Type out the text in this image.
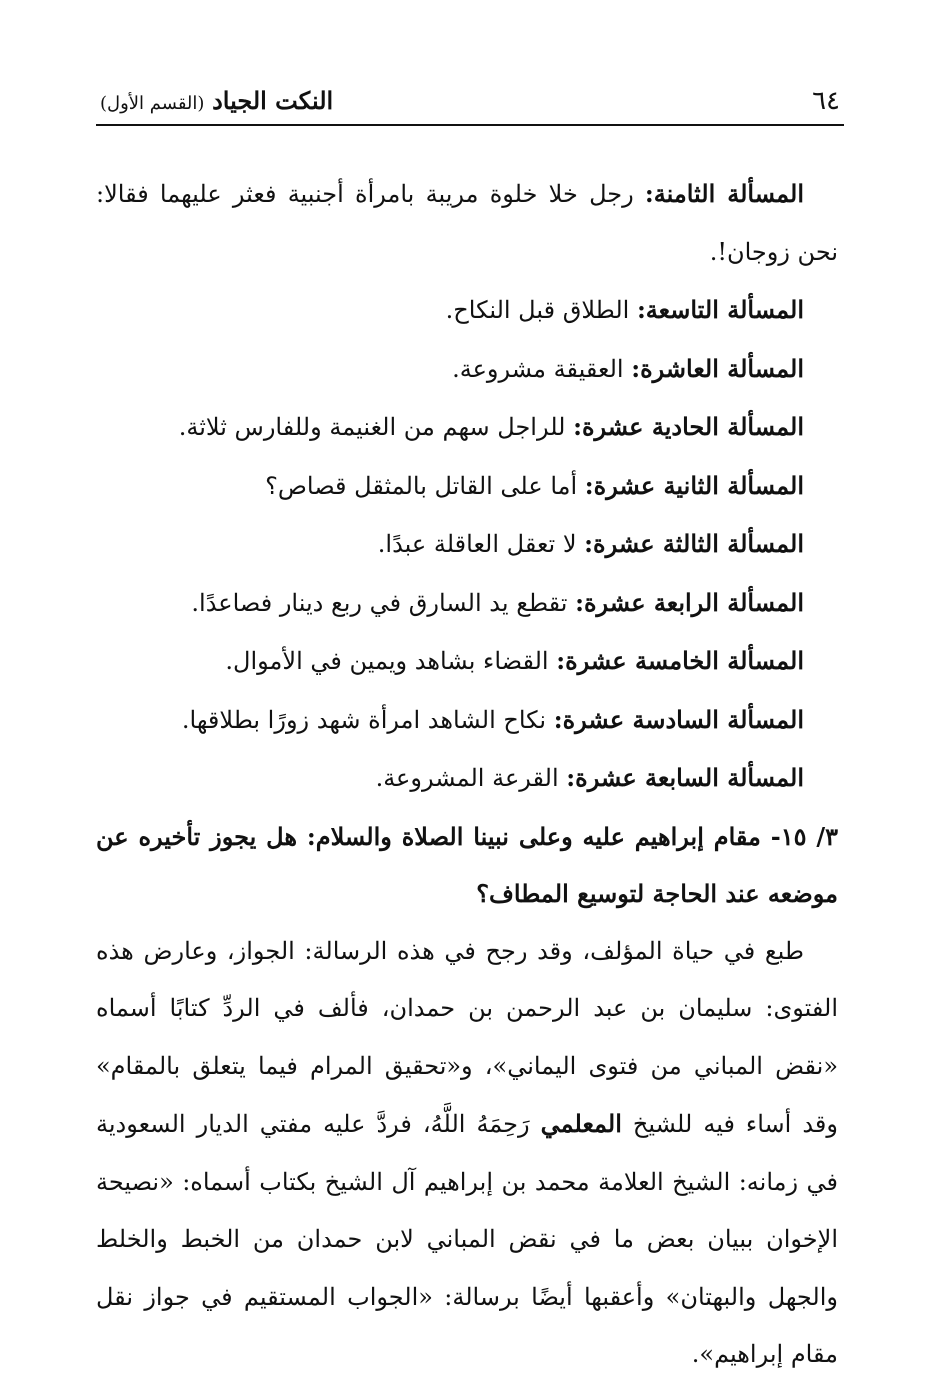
٦٤
النكت الجياد (القسم الأول)

المسألة الثامنة: رجل خلا خلوة مريبة بامرأة أجنبية فعثر عليهما فقالا: نحن زوجان!.

المسألة التاسعة: الطلاق قبل النكاح.

المسألة العاشرة: العقيقة مشروعة.

المسألة الحادية عشرة: للراجل سهم من الغنيمة وللفارس ثلاثة.

المسألة الثانية عشرة: أما على القاتل بالمثقل قصاص؟

المسألة الثالثة عشرة: لا تعقل العاقلة عبدًا.

المسألة الرابعة عشرة: تقطع يد السارق في ربع دينار فصاعدًا.

المسألة الخامسة عشرة: القضاء بشاهد ويمين في الأموال.

المسألة السادسة عشرة: نكاح الشاهد امرأة شهد زورًا بطلاقها.

المسألة السابعة عشرة: القرعة المشروعة.

٣/ ١٥- مقام إبراهيم عليه وعلى نبينا الصلاة والسلام: هل يجوز تأخيره عن موضعه عند الحاجة لتوسيع المطاف؟

طبع في حياة المؤلف، وقد رجح في هذه الرسالة: الجواز، وعارض هذه الفتوى: سليمان بن عبد الرحمن بن حمدان، فألف في الردِّ كتابًا أسماه «نقض المباني من فتوى اليماني»، و«تحقيق المرام فيما يتعلق بالمقام» وقد أساء فيه للشيخ المعلمي رَحِمَهُ اللَّهُ، فردَّ عليه مفتي الديار السعودية في زمانه: الشيخ العلامة محمد بن إبراهيم آل الشيخ بكتاب أسماه: «نصيحة الإخوان ببيان بعض ما في نقض المباني لابن حمدان من الخبط والخلط والجهل والبهتان» وأعقبها أيضًا برسالة: «الجواب المستقيم في جواز نقل مقام إبراهيم».
